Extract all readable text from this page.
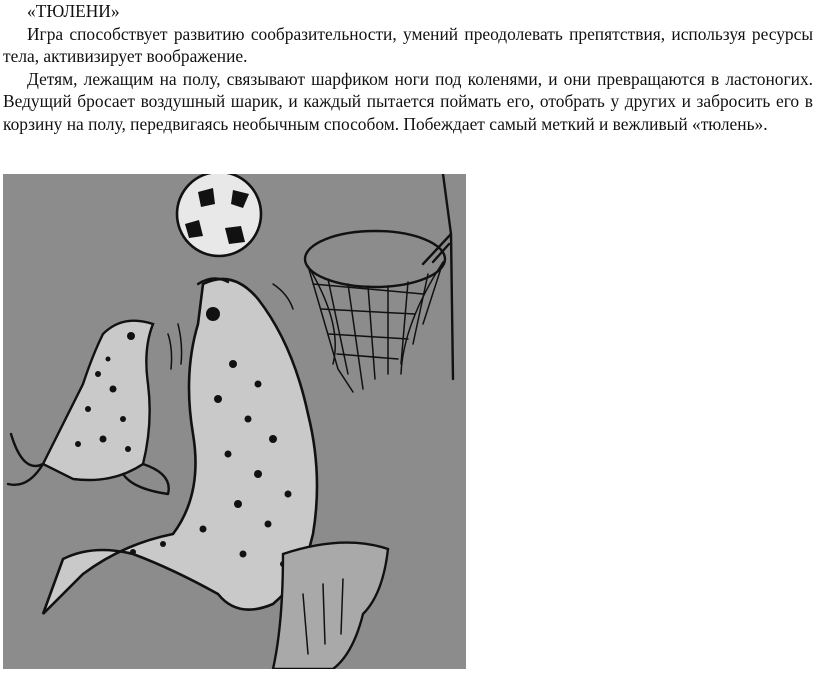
«ТЮЛЕНИ»

Игра способствует развитию сообразительности, умений преодолевать препятствия, используя ресурсы тела, активизирует воображение.

Детям, лежащим на полу, связывают шарфиком ноги под коленями, и они превращаются в ластоногих. Ведущий бросает воздушный шарик, и каждый пытается поймать его, отобрать у других и забросить его в корзину на полу, передвигаясь необычным способом. Побеждает самый меткий и вежливый «тюлень».
